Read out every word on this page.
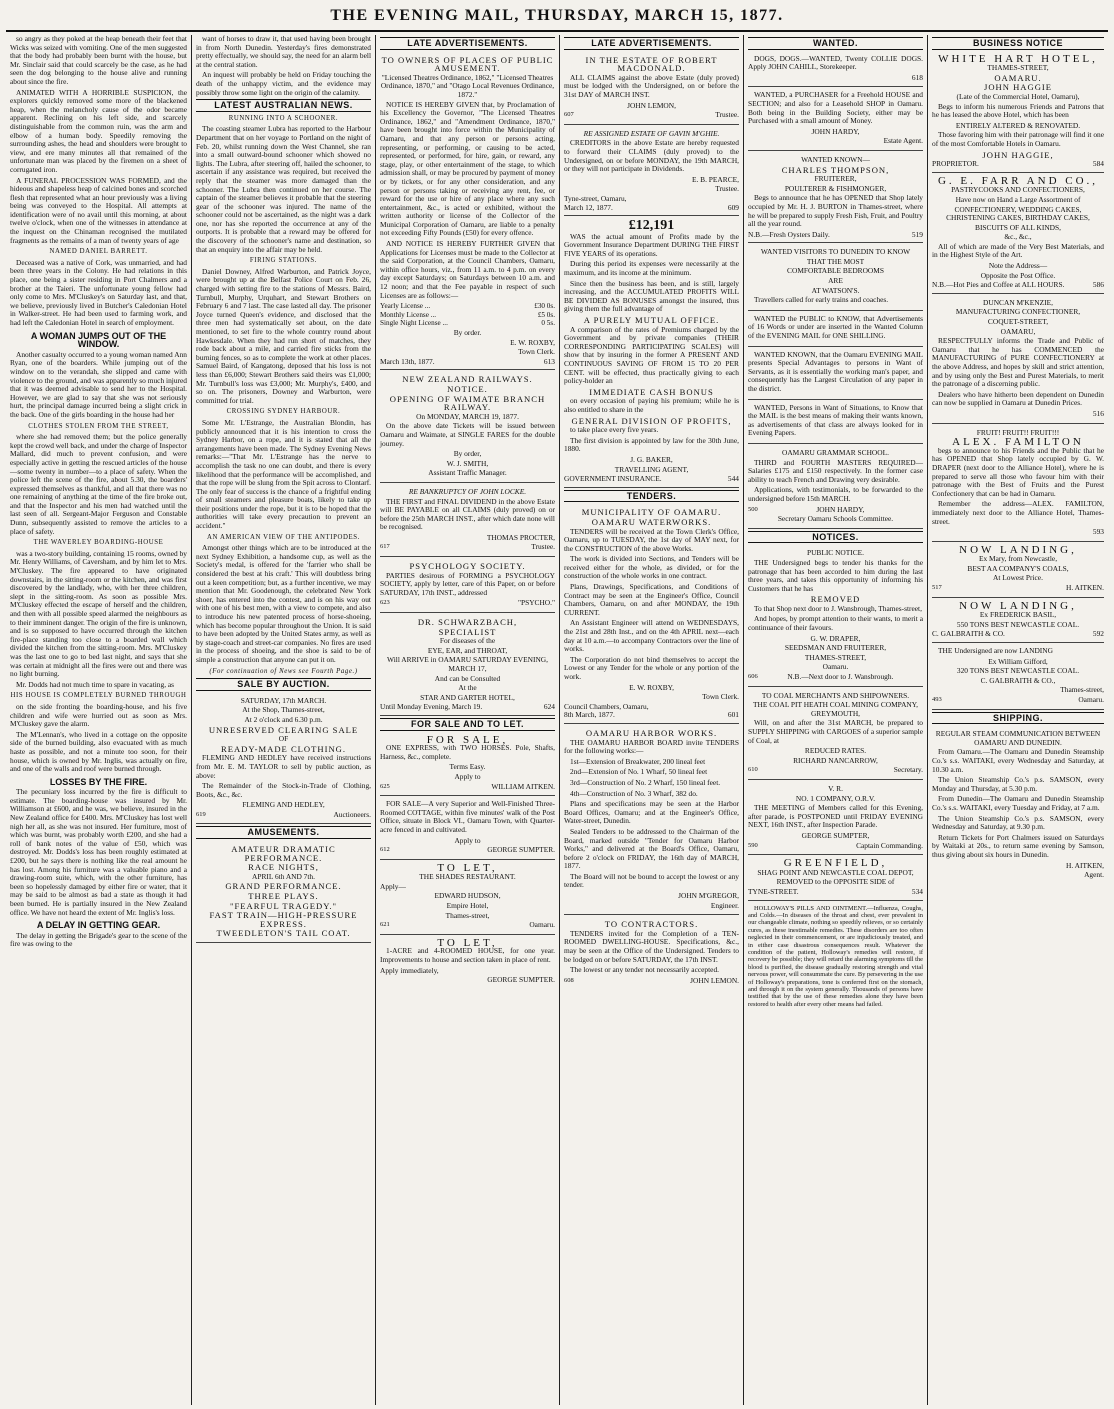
THE EVENING MAIL, THURSDAY, MARCH 15, 1877.

so angry as they poked at the heap beneath their feet that Wicks was seized with vomiting. One of the men suggested that the body had probably been burnt with the house, but Mr. Sinclair said that could scarcely be the case, as he had seen the dog belonging to the house alive and running about since the fire.

ANIMATED WITH A HORRIBLE SUSPICION, the explorers quickly removed some more of the blackened heap, when the melancholy cause of the odor became apparent. Reclining on his left side, and scarcely distinguishable from the common ruin, was the arm and elbow of a human body. Speedily removing the surrounding ashes, the head and shoulders were brought to view, and ere many minutes all that remained of the unfortunate man was placed by the firemen on a sheet of corrugated iron.

A FUNERAL PROCESSION WAS FORMED, and the hideous and shapeless heap of calcined bones and scorched flesh that represented what an hour previously was a living being was conveyed to the Hospital. All attempts at identification were of no avail until this morning, at about twelve o'clock, when one of the witnesses in attendance at the inquest on the Chinaman recognised the mutilated fragments as the remains of a man of twenty years of age

NAMED DANIEL BARRETT.

Deceased was a native of Cork, was unmarried, and had been three years in the Colony. He had relations in this place, one being a sister residing in Port Chalmers and a brother at the Taieri. The unfortunate young fellow had only come to Mrs. M'Cluskey's on Saturday last, and that, we believe, previously lived in Butcher's Caledonian Hotel in Walker-street. He had been used to farming work, and had left the Caledonian Hotel in search of employment.

A WOMAN JUMPS OUT OF THE WINDOW.

Another casualty occurred to a young woman named Ann Ryan, one of the boarders. While jumping out of the window on to the verandah, she slipped and came with violence to the ground, and was apparently so much injured that it was deemed advisable to send her to the Hospital. However, we are glad to say that she was not seriously hurt, the principal damage incurred being a slight crick in the back. One of the girls boarding in the house had her

CLOTHES STOLEN FROM THE STREET,

where she had removed them; but the police generally kept the crowd well back, and under the charge of Inspector Mallard, did much to prevent confusion, and were especially active in getting the rescued articles of the house—some twenty in number—to a place of safety. When the police left the scene of the fire, about 5.30, the boarders' expressed themselves as thankful, and all that there was no one remaining of anything at the time of the fire broke out, and that the Inspector and his men had watched until the last seen of all. Sergeant-Major Ferguson and Constable Dunn, subsequently assisted to remove the articles to a place of safety.

THE WAVERLEY BOARDING-HOUSE

was a two-story building, containing 15 rooms, owned by Mr. Henry Williams, of Caversham, and by him let to Mrs. M'Cluskey. The fire appeared to have originated downstairs, in the sitting-room or the kitchen, and was first discovered by the landlady, who, with her three children, slept in the sitting-room. As soon as possible Mrs. M'Cluskey effected the escape of herself and the children, and then with all possible speed alarmed the neighbours as to their imminent danger. The origin of the fire is unknown, and is so supposed to have occurred through the kitchen fire-place standing too close to a boarded wall which divided the kitchen from the sitting-room. Mrs. M'Cluskey was the last one to go to bed last night, and says that she was certain at midnight all the fires were out and there was no light burning.

Mr. Dodds had not much time to spare in vacating, as

HIS HOUSE IS COMPLETELY BURNED THROUGH

on the side fronting the boarding-house, and his five children and wife were hurried out as soon as Mrs. M'Cluskey gave the alarm.

The M'Lennan's, who lived in a cottage on the opposite side of the burned building, also evacuated with as much haste as possible, and not a minute too soon, for their house, which is owned by Mr. Inglis, was actually on fire, and one of the walls and roof were burned through.

LOSSES BY THE FIRE.

The pecuniary loss incurred by the fire is difficult to estimate. The boarding-house was insured by Mr. Williamson at £600, and he was, we believe, insured in the New Zealand office for £400. Mrs. M'Cluskey has lost well nigh her all, as she was not insured. Her furniture, most of which was burnt, was probably worth £200, and she had a roll of bank notes of the value of £50, which was destroyed. Mr. Dodds's loss has been roughly estimated at £200, but he says there is nothing like the real amount he has lost. Among his furniture was a valuable piano and a drawing-room suite, which, with the other furniture, has been so hopelessly damaged by either fire or water, that it may be said to be almost as bad a state as though it had been burned. He is partially insured in the New Zealand office. We have not heard the extent of Mr. Inglis's loss.

A DELAY IN GETTING GEAR.

The delay in getting the Brigade's gear to the scene of the fire was owing to the

want of horses to draw it, that used having been brought in from North Dunedin. Yesterday's fires demonstrated pretty effectually, we should say, the need for an alarm bell at the central station.

An inquest will probably be held on Friday touching the death of the unhappy victim, and the evidence may possibly throw some light on the origin of the calamity.

LATEST AUSTRALIAN NEWS.
RUNNING INTO A SCHOONER.

The coasting steamer Lubra has reported to the Harbour Department that on her voyage to Portland on the night of Feb. 20, whilst running down the West Channel, she ran into a small outward-bound schooner which showed no lights. The Lubra, after steering off, hailed the schooner, to ascertain if any assistance was required, but received the reply that the steamer was more damaged than the schooner. The Lubra then continued on her course. The captain of the steamer believes it probable that the steering gear of the schooner was injured. The name of the schooner could not be ascertained, as the night was a dark one, nor has she reported the occurrence at any of the outports. It is probable that a reward may be offered for the discovery of the schooner's name and destination, so that an enquiry into the affair may be held.

FIRING STATIONS.

Daniel Downey, Alfred Warburton, and Patrick Joyce, were brought up at the Belfast Police Court on Feb. 26, charged with setting fire to the stations of Messrs. Baird, Turnbull, Murphy, Urquhart, and Stewart Brothers on February 6 and 7 last. The case lasted all day. The prisoner Joyce turned Queen's evidence, and disclosed that the three men had systematically set about, on the date mentioned, to set fire to the whole country round about Hawkesdale. When they had run short of matches, they rode back about a mile, and carried fire sticks from the burning fences, so as to complete the work at other places. Samuel Baird, of Kangatong, deposed that his loss is not less than £6,000; Stewart Brothers said theirs was £1,000; Mr. Turnbull's loss was £3,000; Mr. Murphy's, £400, and so on. The prisoners, Downey and Warburton, were committed for trial.

CROSSING SYDNEY HARBOUR.

Some Mr. L'Estrange, the Australian Blondin, has publicly announced that it is his intention to cross the Sydney Harbor, on a rope, and it is stated that all the arrangements have been made. The Sydney Evening News remarks:—"That Mr. L'Estrange has the nerve to accomplish the task no one can doubt, and there is every likelihood that the performance will be accomplished, and that the rope will be slung from the Spit across to Clontarf. The only fear of success is the chance of a frightful ending of small steamers and pleasure boats, likely to take up their positions under the rope, but it is to be hoped that the authorities will take every precaution to prevent an accident."

AN AMERICAN VIEW OF THE ANTIPODES.

Amongst other things which are to be introduced at the next Sydney Exhibition, a handsome cup, as well as the Society's medal, is offered for the 'farrier who shall be considered the best at his craft.' This will doubtless bring out a keen competition; but, as a further incentive, we may mention that Mr. Goodenough, the celebrated New York shoer, has entered into the contest, and is on his way out with one of his best men, with a view to compete, and also to introduce his new patented process of horse-shoeing, which has become popular throughout the Union. It is said to have been adopted by the United States army, as well as by stage-coach and street-car companies. No fires are used in the process of shoeing, and the shoe is said to be of simple a construction that anyone can put it on.

(For continuation of News see Fourth Page.)
SALE BY AUCTION.
SATURDAY, 17th MARCH.
At the Shop, Thames-street,
At 2 o'clock and 6.30 p.m.
UNRESERVED CLEARING SALE
OF
READY-MADE CLOTHING.

FLEMING AND HEDLEY have received instructions from Mr. E. M. TAYLOR to sell by public auction, as above:

The Remainder of the Stock-in-Trade of Clothing, Boots, &c., &c.

FLEMING AND HEDLEY,
619	Auctioneers.
AMUSEMENTS.
AMATEUR DRAMATIC PERFORMANCE.
RACE NIGHTS,
APRIL 6th AND 7th.
GRAND PERFORMANCE.
THREE PLAYS.
"FEARFUL TRAGEDY."
FAST TRAIN—HIGH-PRESSURE EXPRESS.
TWEEDLETON'S TAIL COAT.
LATE ADVERTISEMENTS.
TO OWNERS OF PLACES OF PUBLIC AMUSEMENT.
"Licensed Theatres Ordinance, 1862," "Licensed Theatres Ordinance, 1870," and "Otago Local Revenues Ordinance, 1872."

NOTICE IS HEREBY GIVEN that, by Proclamation of his Excellency the Governor, "The Licensed Theatres Ordinance, 1862," and "Amendment Ordinance, 1870," have been brought into force within the Municipality of Oamaru, and that any person or persons acting, representing, or performing, or causing to be acted, represented, or performed, for hire, gain, or reward, any stage, play, or other entertainment of the stage, to which admission shall, or may be procured by payment of money or by tickets, or for any other consideration, and any person or persons taking or receiving any rent, fee, or reward for the use or hire of any place where any such entertainment, &c., is acted or exhibited, without the written authority or license of the Collector of the Municipal Corporation of Oamaru, are liable to a penalty not exceeding Fifty Pounds (£50) for every offence.

AND NOTICE IS HEREBY FURTHER GIVEN that Applications for Licenses must be made to the Collector at the said Corporation, at the Council Chambers, Oamaru, within office hours, viz., from 11 a.m. to 4 p.m. on every day except Saturdays; on Saturdays between 10 a.m. and 12 noon; and that the Fee payable in respect of such Licenses are as follows:—

Yearly License ...	£30 0s.
Monthly License ...	£5 0s.
Single Night License ...	0 5s.
By order.
E. W. ROXBY,
Town Clerk.
March 13th, 1877.	613
NEW ZEALAND RAILWAYS.
NOTICE.
OPENING OF WAIMATE BRANCH RAILWAY.
On MONDAY, MARCH 19, 1877.

On the above date Tickets will be issued between Oamaru and Waimate, at SINGLE FARES for the double journey.

By order,
W. J. SMITH,
Assistant Traffic Manager.
RE BANKRUPTCY OF JOHN LOCKE.

THE FIRST and FINAL DIVIDEND in the above Estate will BE PAYABLE on all CLAIMS (duly proved) on or before the 25th MARCH INST., after which date none will be recognised.

THOMAS PROCTER,
617	Trustee.
PSYCHOLOGY SOCIETY.

PARTIES desirous of FORMING a PSYCHOLOGY SOCIETY, apply by letter, care of this Paper, on or before SATURDAY, 17th INST., addressed

623	"PSYCHO."
DR. SCHWARZBACH,
SPECIALIST
For diseases of the
EYE, EAR, and THROAT,
Will ARRIVE in OAMARU SATURDAY EVENING, MARCH 17,
And can be Consulted
At the
STAR AND GARTER HOTEL,
Until Monday Evening, March 19.	624
FOR SALE AND TO LET.
FOR SALE,

ONE EXPRESS, with TWO HORSES. Pole, Shafts, Harness, &c., complete.

Terms Easy.
Apply to
625	WILLIAM AITKEN.

FOR SALE—A very Superior and Well-Finished Three-Roomed COTTAGE, within five minutes' walk of the Post Office, situate in Block VI., Oamaru Town, with Quarter-acre fenced in and cultivated.

Apply to
612	GEORGE SUMPTER.
TO LET,
THE SHADES RESTAURANT.
Apply—
EDWARD HUDSON,
Empire Hotel,
Thames-street,
621	Oamaru.
TO LET,

1-ACRE and 4-ROOMED HOUSE, for one year. Improvements to house and section taken in place of rent.

Apply immediately,
GEORGE SUMPTER.
LATE ADVERTISEMENTS.
IN THE ESTATE OF ROBERT MACDONALD.

ALL CLAIMS against the above Estate (duly proved) must be lodged with the Undersigned, on or before the 31st DAY of MARCH INST.

JOHN LEMON,
607	Trustee.
RE ASSIGNED ESTATE OF GAVIN M'GHIE.

CREDITORS in the above Estate are hereby requested to forward their CLAIMS (duly proved) to the Undersigned, on or before MONDAY, the 19th MARCH, or they will not participate in Dividends.

E. B. PEARCE,
Trustee.
Tyne-street, Oamaru,
March 12, 1877.	609
£12,191

WAS the actual amount of Profits made by the Government Insurance Department DURING THE FIRST FIVE YEARS of its operations.

During this period its expenses were necessarily at the maximum, and its income at the minimum.

Since then the business has been, and is still, largely increasing, and the ACCUMULATED PROFITS WILL BE DIVIDED AS BONUSES amongst the insured, thus giving them the full advantage of

A PURELY MUTUAL OFFICE.

A comparison of the rates of Premiums charged by the Government and by private companies (THEIR CORRESPONDING PARTICIPATING SCALES) will show that by insuring in the former A PRESENT AND CONTINUOUS SAVING OF FROM 15 TO 20 PER CENT. will be effected, thus practically giving to each policy-holder an

IMMEDIATE CASH BONUS

on every occasion of paying his premium; while he is also entitled to share in the

GENERAL DIVISION OF PROFITS,

to take place every five years.

The first division is appointed by law for the 30th June, 1880.

J. G. BAKER,
TRAVELLING AGENT,
GOVERNMENT INSURANCE.	544
TENDERS.
MUNICIPALITY OF OAMARU.
OAMARU WATERWORKS.

TENDERS will be received at the Town Clerk's Office, Oamaru, up to TUESDAY, the 1st day of MAY next, for the CONSTRUCTION of the above Works.

The work is divided into Sections, and Tenders will be received either for the whole, as divided, or for the construction of the whole works in one contract.

Plans, Drawings, Specifications, and Conditions of Contract may be seen at the Engineer's Office, Council Chambers, Oamaru, on and after MONDAY, the 19th CURRENT.

An Assistant Engineer will attend on WEDNESDAYS, the 21st and 28th Inst., and on the 4th APRIL next—each day at 10 a.m.—to accompany Contractors over the line of works.

The Corporation do not bind themselves to accept the Lowest or any Tender for the whole or any portion of the work.

E. W. ROXBY,
Town Clerk.
Council Chambers, Oamaru,
8th March, 1877.	601
OAMARU HARBOR WORKS.

THE OAMARU HARBOR BOARD invite TENDERS for the following works:—

1st—Extension of Breakwater, 200 lineal feet

2nd—Extension of No. 1 Wharf, 50 lineal feet

3rd—Construction of No. 2 Wharf, 150 lineal feet.

4th—Construction of No. 3 Wharf, 382 do.

Plans and specifications may be seen at the Harbor Board Offices, Oamaru; and at the Engineer's Office, Water-street, Dunedin.

Sealed Tenders to be addressed to the Chairman of the Board, marked outside "Tender for Oamaru Harbor Works," and delivered at the Board's Office, Oamaru, before 2 o'clock on FRIDAY, the 16th day of MARCH, 1877.

The Board will not be bound to accept the lowest or any tender.

JOHN M'GREGOR,
Engineer.
TO CONTRACTORS.

TENDERS invited for the Completion of a TEN-ROOMED DWELLING-HOUSE. Specifications, &c., may be seen at the Office of the Undersigned. Tenders to be lodged on or before SATURDAY, the 17th INST.

The lowest or any tender not necessarily accepted.

608	JOHN LEMON.
WANTED.

DOGS, DOGS.—WANTED, Twenty COLLIE DOGS. Apply JOHN CAHILL, Storekeeper.

618

WANTED, a PURCHASER for a Freehold HOUSE and SECTION; and also for a Leasehold SHOP in Oamaru. Both being in the Building Society, either may be Purchased with a small amount of Money.

JOHN HARDY,
Estate Agent.
WANTED KNOWN—
CHARLES THOMPSON,
FRUITERER,
POULTERER & FISHMONGER,

Begs to announce that he has OPENED that Shop lately occupied by Mr. H. J. BURTON in Thames-street, where he will be prepared to supply Fresh Fish, Fruit, and Poultry all the year round.

N.B.—Fresh Oysters Daily.	519
WANTED VISITORS TO DUNEDIN TO KNOW
THAT THE MOST
COMFORTABLE BEDROOMS
ARE
AT WATSON'S.

Travellers called for early trains and coaches.

WANTED the PUBLIC to KNOW, that Advertisements of 16 Words or under are inserted in the Wanted Column of the EVENING MAIL for ONE SHILLING.

WANTED KNOWN, that the Oamaru EVENING MAIL presents Special Advantages to persons in Want of Servants, as it is essentially the working man's paper, and consequently has the Largest Circulation of any paper in the district.

WANTED, Persons in Want of Situations, to Know that the MAIL is the best means of making their wants known, as advertisements of that class are always looked for in Evening Papers.

OAMARU GRAMMAR SCHOOL.

THIRD and FOURTH MASTERS REQUIRED—Salaries £175 and £150 respectively. In the former case ability to teach French and Drawing very desirable.

Applications, with testimonials, to be forwarded to the undersigned before 15th MARCH.

500	JOHN HARDY,
Secretary Oamaru Schools Committee.
NOTICES.
PUBLIC NOTICE.

THE Undersigned begs to tender his thanks for the patronage that has been accorded to him during the last three years, and takes this opportunity of informing his Customers that he has

REMOVED

To that Shop next door to J. Wansbrough, Thames-street,

And hopes, by prompt attention to their wants, to merit a continuance of their favours.

G. W. DRAPER,
SEEDSMAN AND FRUITERER,
THAMES-STREET,
Oamaru.
606	N.B.—Next door to J. Wansbrough.
TO COAL MERCHANTS AND SHIPOWNERS.
THE COAL PIT HEATH COAL MINING COMPANY, GREYMOUTH,

Will, on and after the 31st MARCH, be prepared to SUPPLY SHIPPING with CARGOES of a superior sample of Coal, at

REDUCED RATES.
RICHARD NANCARROW,
610	Secretary.
V. R.
NO. 1 COMPANY, O.R.V.

THE MEETING of Members called for this Evening, after parade, is POSTPONED until FRIDAY EVENING NEXT, 16th INST., after Inspection Parade.

GEORGE SUMPTER,
590	Captain Commanding.
GREENFIELD,
SHAG POINT AND NEWCASTLE COAL DEPOT,
REMOVED to the OPPOSITE SIDE of
TYNE-STREET.	534

HOLLOWAY'S PILLS AND OINTMENT.—Influenza, Coughs, and Colds.—In diseases of the throat and chest, ever prevalent in our changeable climate, nothing so speedily relieves, or so certainly cures, as these inestimable remedies. These disorders are too often neglected in their commencement, or are injudiciously treated, and in either case disastrous consequences result. Whatever the condition of the patient, Holloway's remedies will restore, if recovery be possible; they will retard the alarming symptoms till the blood is purified, the disease gradually restoring strength and vital nervous power, will consummate the cure. By persevering in the use of Holloway's preparations, tone is conferred first on the stomach, and through it on the system generally. Thousands of persons have testified that by the use of these remedies alone they have been restored to health after every other means had failed.

BUSINESS NOTICE
WHITE HART HOTEL,
THAMES-STREET,
OAMARU.
JOHN HAGGIE
(Late of the Commercial Hotel, Oamaru),

Begs to inform his numerous Friends and Patrons that he has leased the above Hotel, which has been

ENTIRELY ALTERED & RENOVATED.

Those favoring him with their patronage will find it one of the most Comfortable Hotels in Oamaru.

JOHN HAGGIE,
PROPRIETOR.	584
G. E. FARR AND CO.,
PASTRYCOOKS AND CONFECTIONERS,
Have now on Hand a Large Assortment of
CONFECTIONERY, WEDDING CAKES, CHRISTENING CAKES, BIRTHDAY CAKES,
BISCUITS OF ALL KINDS,
&c., &c.,

All of which are made of the Very Best Materials, and in the Highest Style of the Art.

Note the Address—
Opposite the Post Office.
N.B.—Hot Pies and Coffee at ALL HOURS.	586
DUNCAN M'KENZIE,
MANUFACTURING CONFECTIONER,
COQUET-STREET,
OAMARU,

RESPECTFULLY informs the Trade and Public of Oamaru that he has COMMENCED the MANUFACTURING of PURE CONFECTIONERY at the above Address, and hopes by skill and strict attention, and by using only the Best and Purest Materials, to merit the patronage of a discerning public.

Dealers who have hitherto been dependent on Dunedin can now be supplied in Oamaru at Dunedin Prices.

516
FRUIT! FRUIT!! FRUIT!!!
ALEX. FAMILTON

begs to announce to his Friends and the Public that he has OPENED that Shop lately occupied by G. W. DRAPER (next door to the Alliance Hotel), where he is prepared to serve all those who favour him with their patronage with the Best of Fruits and the Purest Confectionery that can be had in Oamaru.

Remember the address—ALEX. FAMILTON, immediately next door to the Alliance Hotel, Thames-street.

593
NOW LANDING,
Ex Mary, from Newcastle,
BEST AA COMPANY'S COALS,
At Lowest Price.
517	H. AITKEN.
NOW LANDING,
Ex FREDERICK BASIL,
550 TONS BEST NEWCASTLE COAL.
C. GALBRAITH & CO.	592

THE Undersigned are now LANDING

Ex William Gifford,
320 TONS BEST NEWCASTLE COAL.
C. GALBRAITH & CO.,
Thames-street,
493	Oamaru.
SHIPPING.
REGULAR STEAM COMMUNICATION BETWEEN OAMARU AND DUNEDIN.

From Oamaru.—The Oamaru and Dunedin Steamship Co.'s s.s. WAITAKI, every Wednesday and Saturday, at 10.30 a.m.

The Union Steamship Co.'s p.s. SAMSON, every Monday and Thursday, at 5.30 p.m.

From Dunedin—The Oamaru and Dunedin Steamship Co.'s s.s. WAITAKI, every Tuesday and Friday, at 7 a.m.

The Union Steamship Co.'s p.s. SAMSON, every Wednesday and Saturday, at 9.30 p.m.

Return Tickets for Port Chalmers issued on Saturdays by Waitaki at 20s., to return same evening by Samson, thus giving about six hours in Dunedin.

H. AITKEN,
Agent.
